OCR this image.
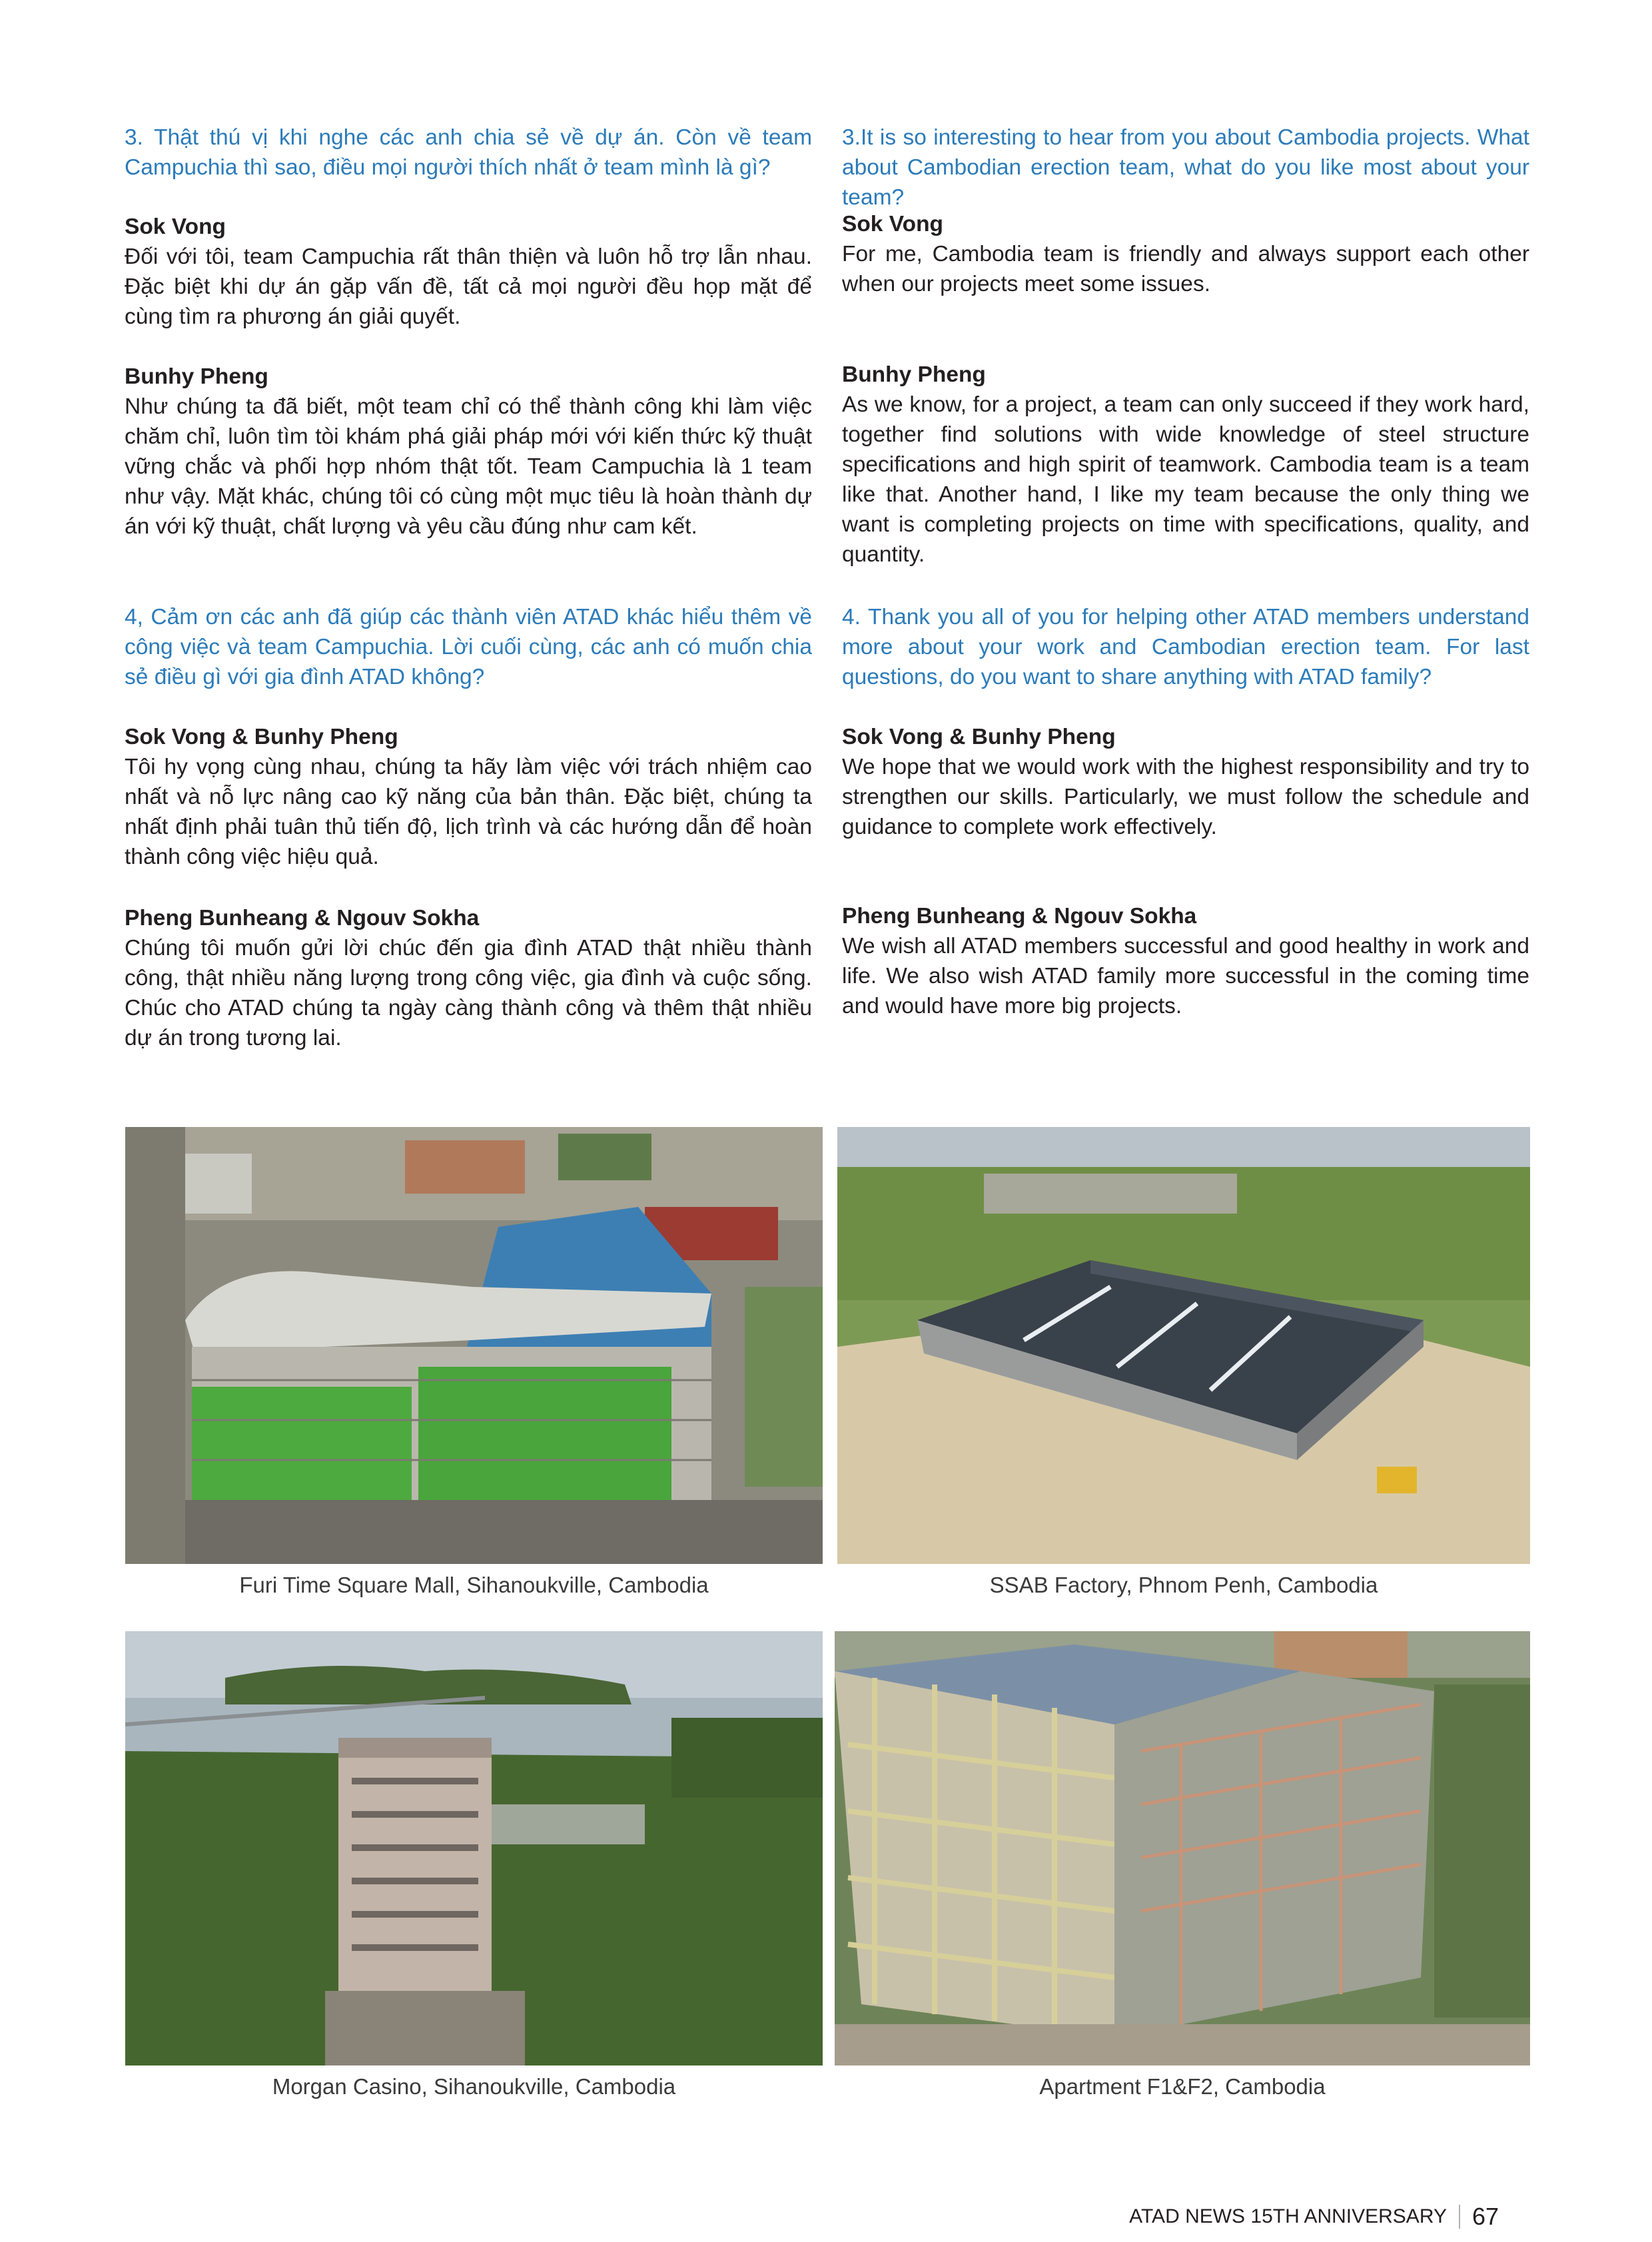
3. Thật thú vị khi nghe các anh chia sẻ về dự án. Còn về team Campuchia thì sao, điều mọi người thích nhất ở team mình là gì?
Sok Vong
Đối với tôi, team Campuchia rất thân thiện và luôn hỗ trợ lẫn nhau. Đặc biệt khi dự án gặp vấn đề, tất cả mọi người đều họp mặt để cùng tìm ra phương án giải quyết.
Bunhy Pheng
Như chúng ta đã biết, một team chỉ có thể thành công khi làm việc chăm chỉ, luôn tìm tòi khám phá giải pháp mới với kiến thức kỹ thuật vững chắc và phối hợp nhóm thật tốt. Team Campuchia là 1 team như vậy. Mặt khác, chúng tôi có cùng một mục tiêu là hoàn thành dự án với kỹ thuật, chất lượng và yêu cầu đúng như cam kết.
4, Cảm ơn các anh đã giúp các thành viên ATAD khác hiểu thêm về công việc và team Campuchia. Lời cuối cùng, các anh có muốn chia sẻ điều gì với gia đình ATAD không?
Sok Vong & Bunhy Pheng
Tôi hy vọng cùng nhau, chúng ta hãy làm việc với trách nhiệm cao nhất và nỗ lực nâng cao kỹ năng của bản thân. Đặc biệt, chúng ta nhất định phải tuân thủ tiến độ, lịch trình và các hướng dẫn để hoàn thành công việc hiệu quả.
Pheng Bunheang & Ngouv Sokha
Chúng tôi muốn gửi lời chúc đến gia đình ATAD thật nhiều thành công, thật nhiều năng lượng trong công việc, gia đình và cuộc sống. Chúc cho ATAD chúng ta ngày càng thành công và thêm thật nhiều dự án trong tương lai.
3.It is so interesting to hear from you about Cambodia projects. What about Cambodian erection team, what do you like most about your team?
Sok Vong
For me, Cambodia team is friendly and always support each other when our projects meet some issues.
Bunhy Pheng
As we know, for a project, a team can only succeed if they work hard, together find solutions with wide knowledge of steel structure specifications and high spirit of teamwork. Cambodia team is a team like that. Another hand, I like my team because the only thing we want is completing projects on time with specifications, quality, and quantity.
4. Thank you all of you for helping other ATAD members understand more about your work and Cambodian erection team. For last questions, do you want to share anything with ATAD family?
Sok Vong & Bunhy Pheng
We hope that we would work with the highest responsibility and try to strengthen our skills. Particularly, we must follow the schedule and guidance to complete work effectively.
Pheng Bunheang & Ngouv Sokha
We wish all ATAD members successful and good healthy in work and life. We also wish ATAD family more successful in the coming time and would have more big projects.
Furi Time Square Mall, Sihanoukville, Cambodia	SSAB Factory, Phnom Penh, Cambodia
Morgan Casino, Sihanoukville, Cambodia	Apartment F1&F2, Cambodia
ATAD NEWS 15TH ANNIVERSARY 67
